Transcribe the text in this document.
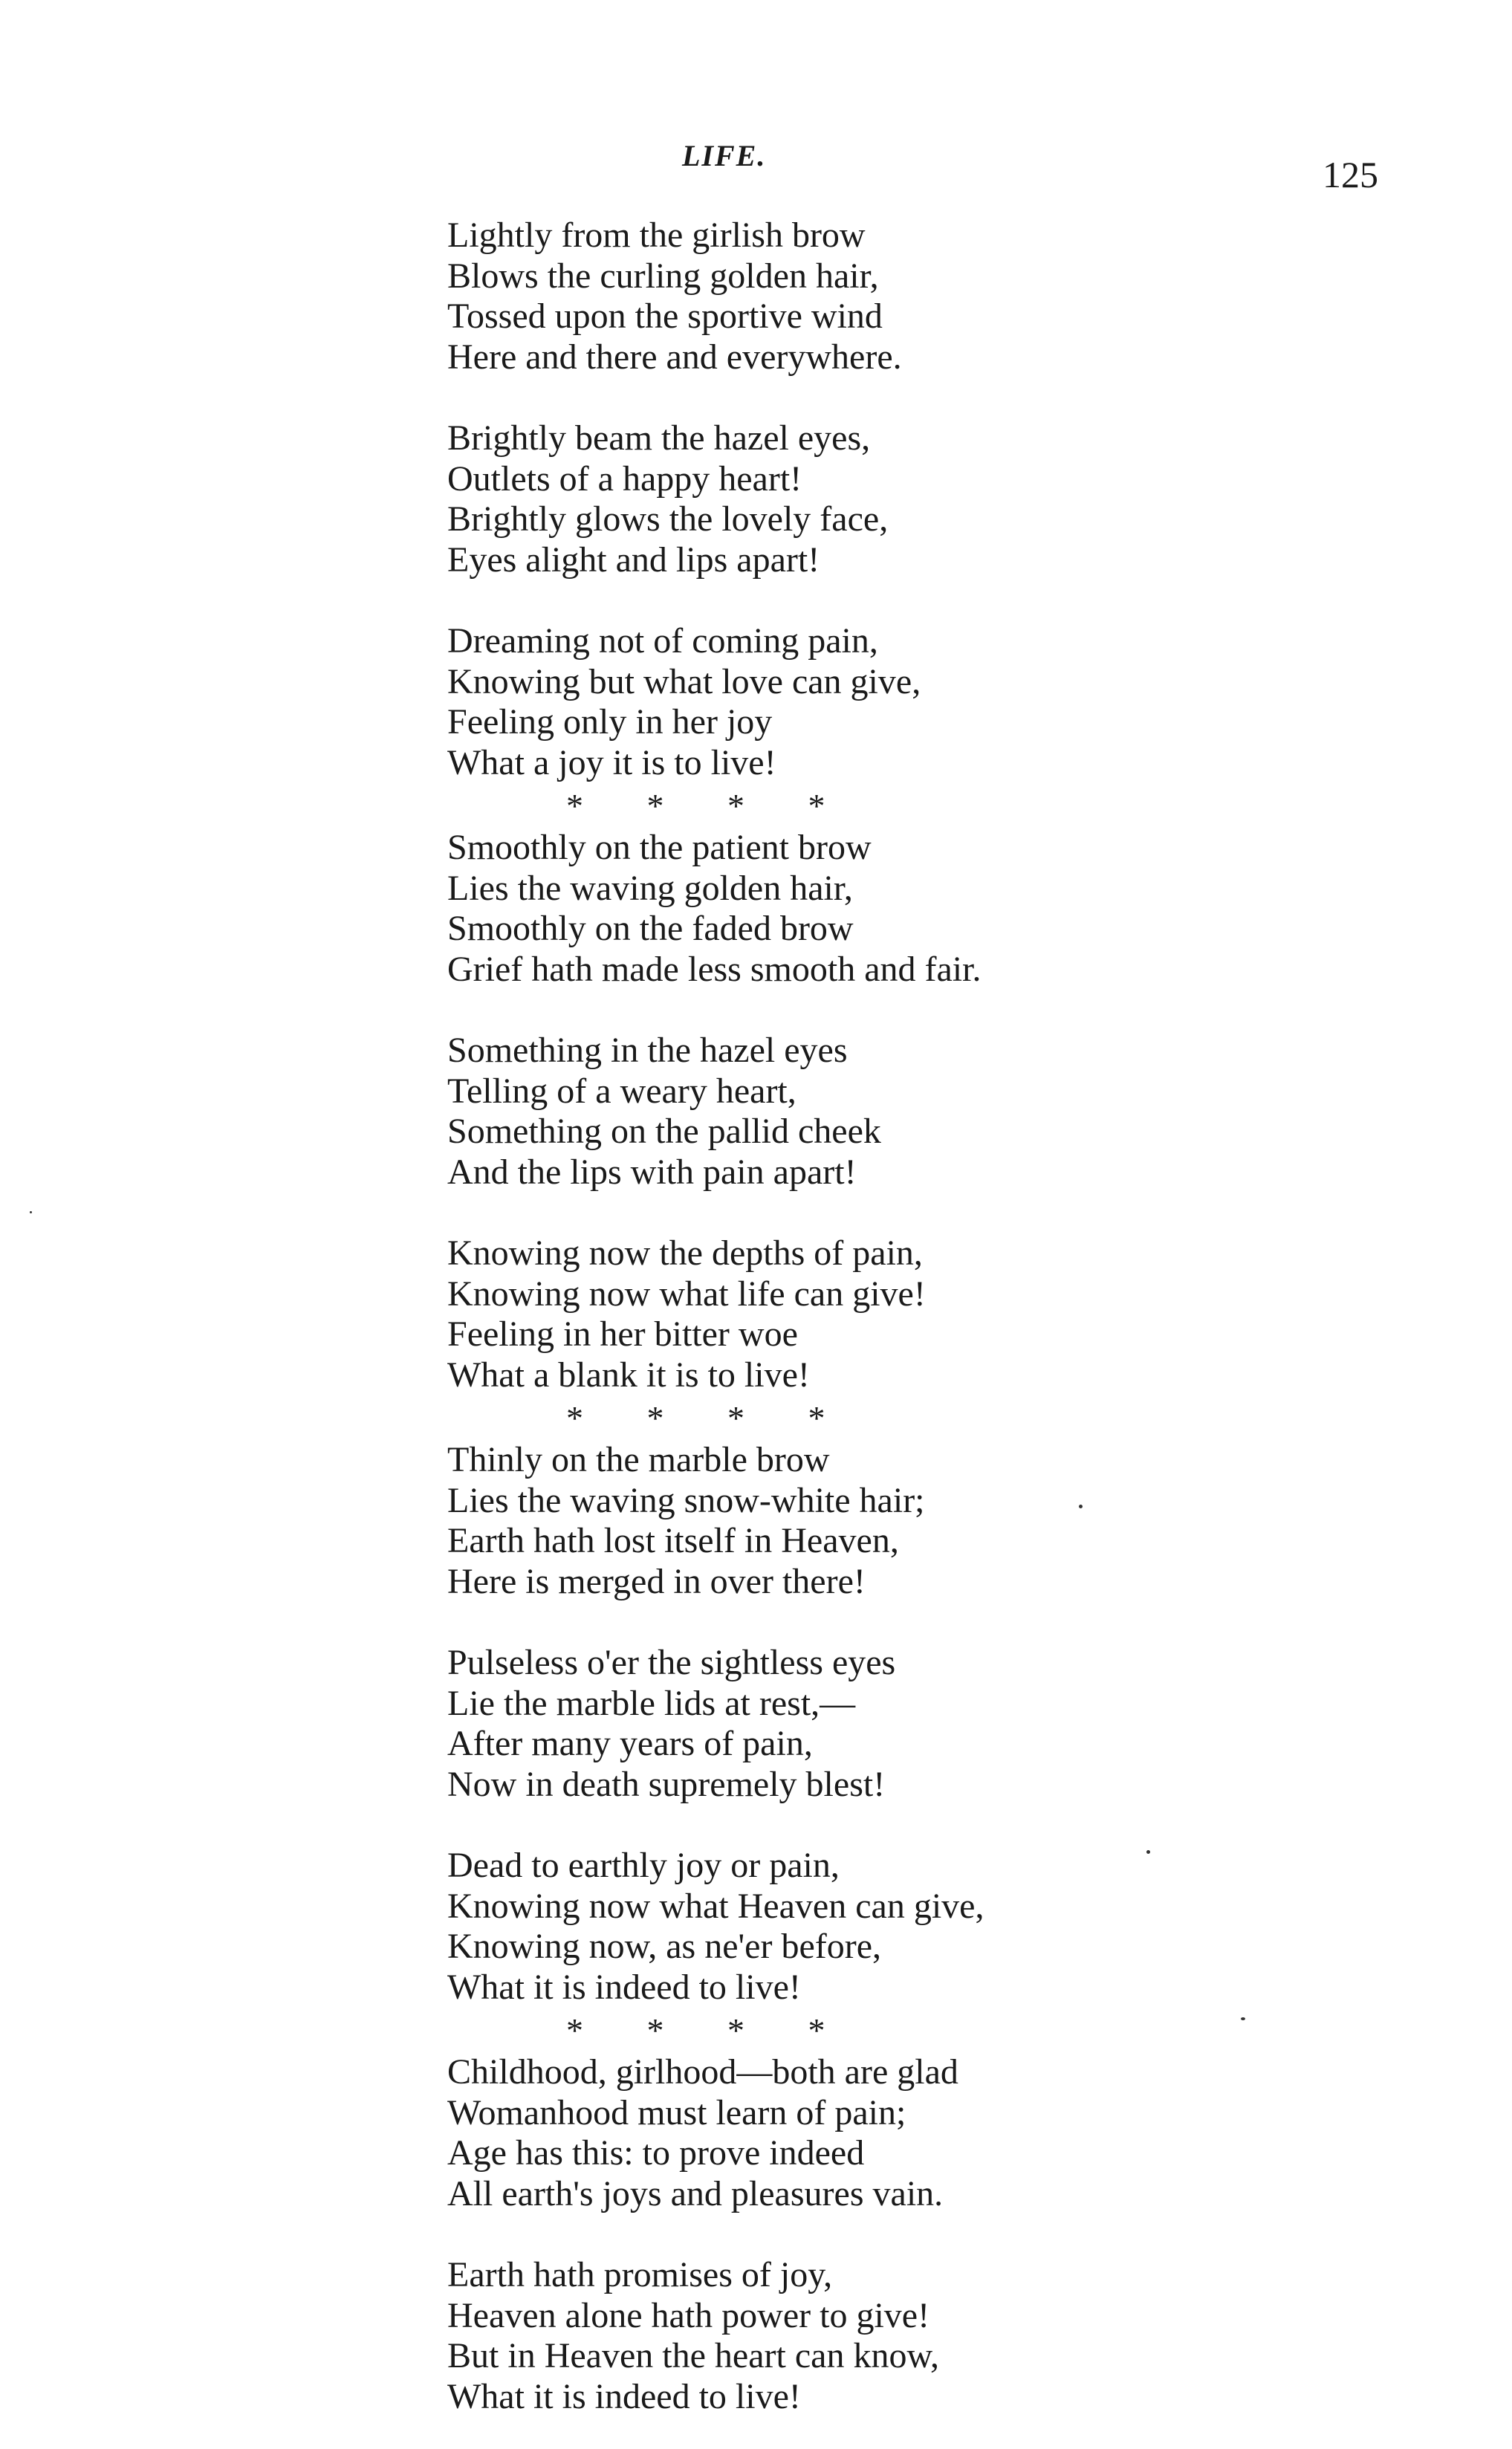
LIFE.	125
Lightly from the girlish brow
Blows the curling golden hair,
Tossed upon the sportive wind
Here and there and everywhere.
Brightly beam the hazel eyes,
Outlets of a happy heart!
Brightly glows the lovely face,
Eyes alight and lips apart!
Dreaming not of coming pain,
Knowing but what love can give,
Feeling only in her joy
What a joy it is to live!
* * * *
Smoothly on the patient brow
Lies the waving golden hair,
Smoothly on the faded brow
Grief hath made less smooth and fair.
Something in the hazel eyes
Telling of a weary heart,
Something on the pallid cheek
And the lips with pain apart!
Knowing now the depths of pain,
Knowing now what life can give!
Feeling in her bitter woe
What a blank it is to live!
* * * *
Thinly on the marble brow
Lies the waving snow-white hair;
Earth hath lost itself in Heaven,
Here is merged in over there!
Pulseless o'er the sightless eyes
Lie the marble lids at rest,—
After many years of pain,
Now in death supremely blest!
Dead to earthly joy or pain,
Knowing now what Heaven can give,
Knowing now, as ne'er before,
What it is indeed to live!
* * * *
Childhood, girlhood—both are glad
Womanhood must learn of pain;
Age has this: to prove indeed
All earth's joys and pleasures vain.
Earth hath promises of joy,
Heaven alone hath power to give!
But in Heaven the heart can know,
What it is indeed to live!
